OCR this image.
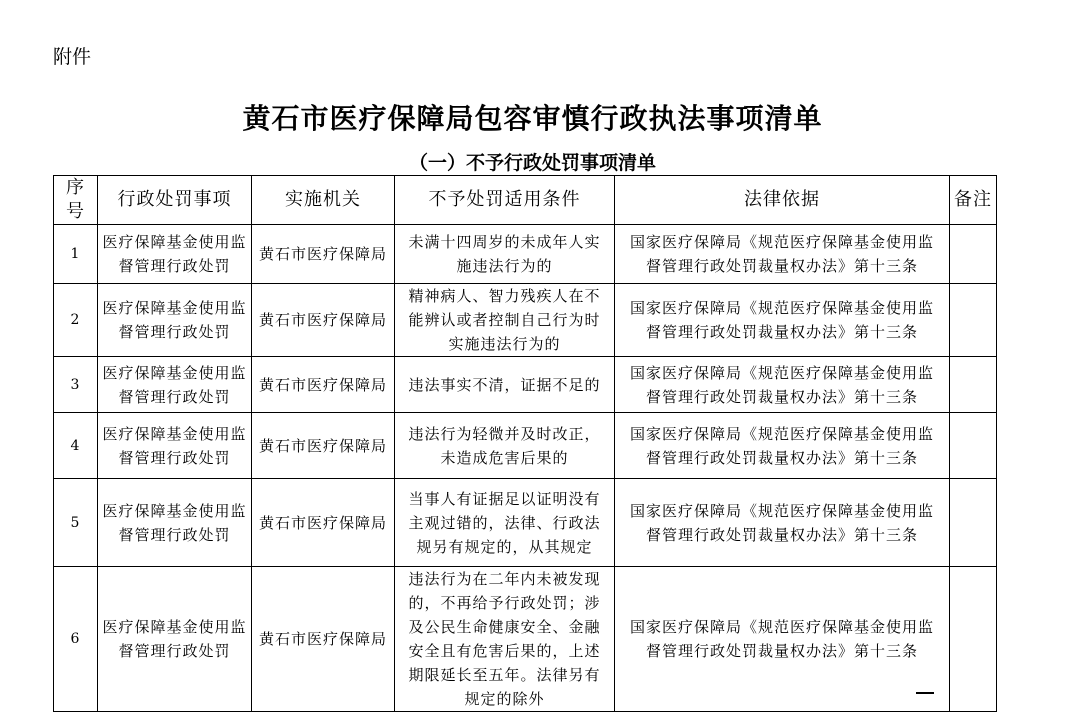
附件
黄石市医疗保障局包容审慎行政执法事项清单
（一）不予行政处罚事项清单
序号	行政处罚事项	实施机关	不予处罚适用条件	法律依据	备注
1	医疗保障基金使用监督管理行政处罚	黄石市医疗保障局	未满十四周岁的未成年人实施违法行为的	国家医疗保障局《规范医疗保障基金使用监督管理行政处罚裁量权办法》第十三条	
2	医疗保障基金使用监督管理行政处罚	黄石市医疗保障局	精神病人、智力残疾人在不能辨认或者控制自己行为时实施违法行为的	国家医疗保障局《规范医疗保障基金使用监督管理行政处罚裁量权办法》第十三条	
3	医疗保障基金使用监督管理行政处罚	黄石市医疗保障局	违法事实不清，证据不足的	国家医疗保障局《规范医疗保障基金使用监督管理行政处罚裁量权办法》第十三条	
4	医疗保障基金使用监督管理行政处罚	黄石市医疗保障局	违法行为轻微并及时改正，未造成危害后果的	国家医疗保障局《规范医疗保障基金使用监督管理行政处罚裁量权办法》第十三条	
5	医疗保障基金使用监督管理行政处罚	黄石市医疗保障局	当事人有证据足以证明没有主观过错的，法律、行政法规另有规定的，从其规定	国家医疗保障局《规范医疗保障基金使用监督管理行政处罚裁量权办法》第十三条	
6	医疗保障基金使用监督管理行政处罚	黄石市医疗保障局	违法行为在二年内未被发现的，不再给予行政处罚；涉及公民生命健康安全、金融安全且有危害后果的，上述期限延长至五年。法律另有规定的除外	国家医疗保障局《规范医疗保障基金使用监督管理行政处罚裁量权办法》第十三条	
